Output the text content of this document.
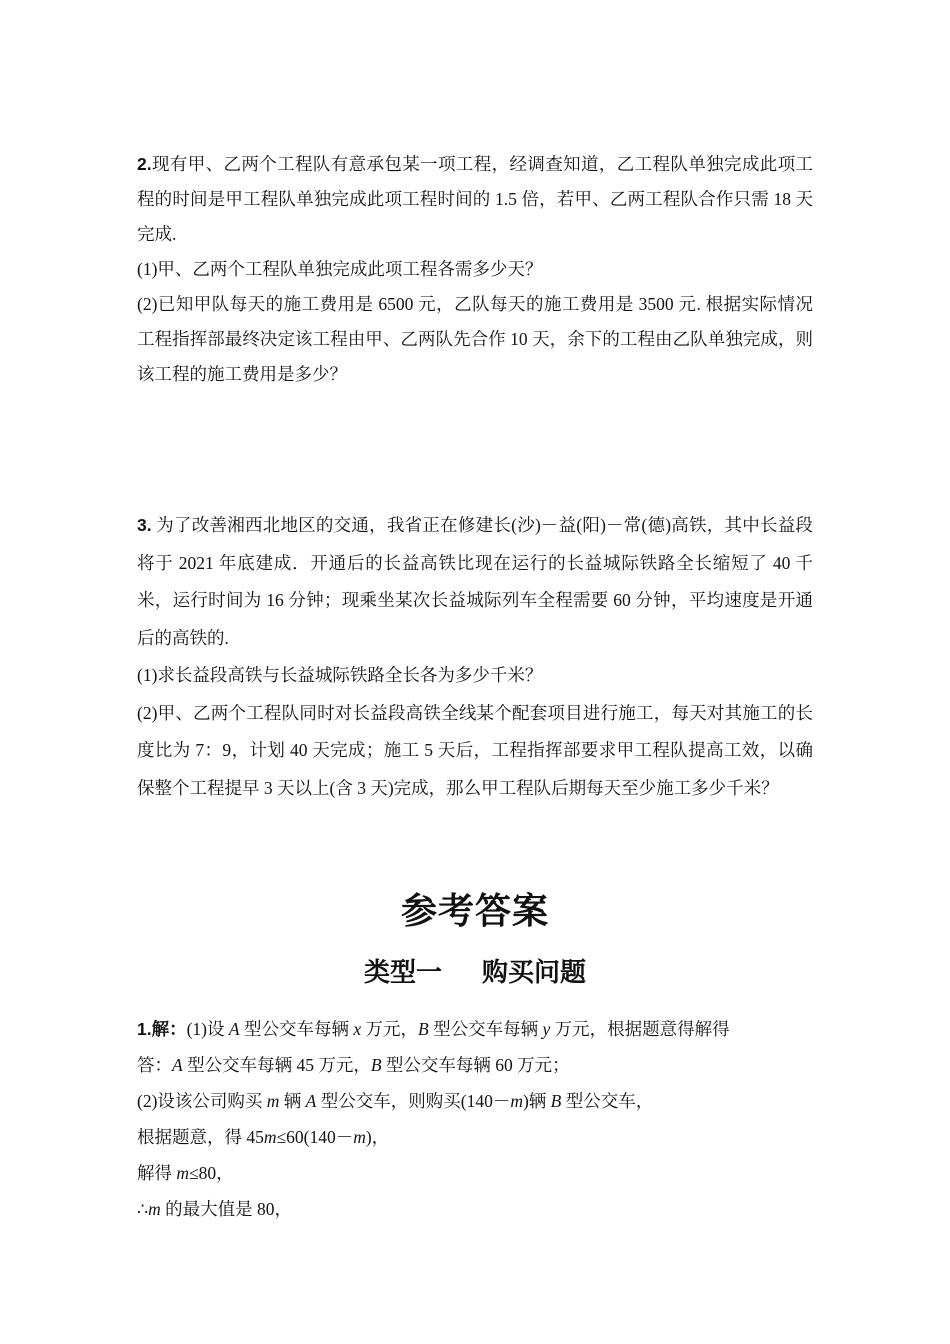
2.现有甲、乙两个工程队有意承包某一项工程，经调查知道，乙工程队单独完成此项工程的时间是甲工程队单独完成此项工程时间的 1.5 倍，若甲、乙两工程队合作只需 18 天完成.

(1)甲、乙两个工程队单独完成此项工程各需多少天？

(2)已知甲队每天的施工费用是 6500 元，乙队每天的施工费用是 3500 元. 根据实际情况工程指挥部最终决定该工程由甲、乙两队先合作 10 天，余下的工程由乙队单独完成，则该工程的施工费用是多少？

3. 为了改善湘西北地区的交通，我省正在修建长(沙)－益(阳)－常(德)高铁，其中长益段将于 2021 年底建成．开通后的长益高铁比现在运行的长益城际铁路全长缩短了 40 千米，运行时间为 16 分钟；现乘坐某次长益城际列车全程需要 60 分钟，平均速度是开通后的高铁的.

(1)求长益段高铁与长益城际铁路全长各为多少千米？

(2)甲、乙两个工程队同时对长益段高铁全线某个配套项目进行施工，每天对其施工的长度比为 7：9，计划 40 天完成；施工 5 天后，工程指挥部要求甲工程队提高工效，以确保整个工程提早 3 天以上(含 3 天)完成，那么甲工程队后期每天至少施工多少千米？

参考答案
类型一 购买问题

1.解：(1)设 A 型公交车每辆 x 万元，B 型公交车每辆 y 万元，根据题意得解得

答：A 型公交车每辆 45 万元，B 型公交车每辆 60 万元；

(2)设该公司购买 m 辆 A 型公交车，则购买(140－m)辆 B 型公交车，

根据题意，得 45m≤60(140－m)，

解得 m≤80，

∴m 的最大值是 80，
